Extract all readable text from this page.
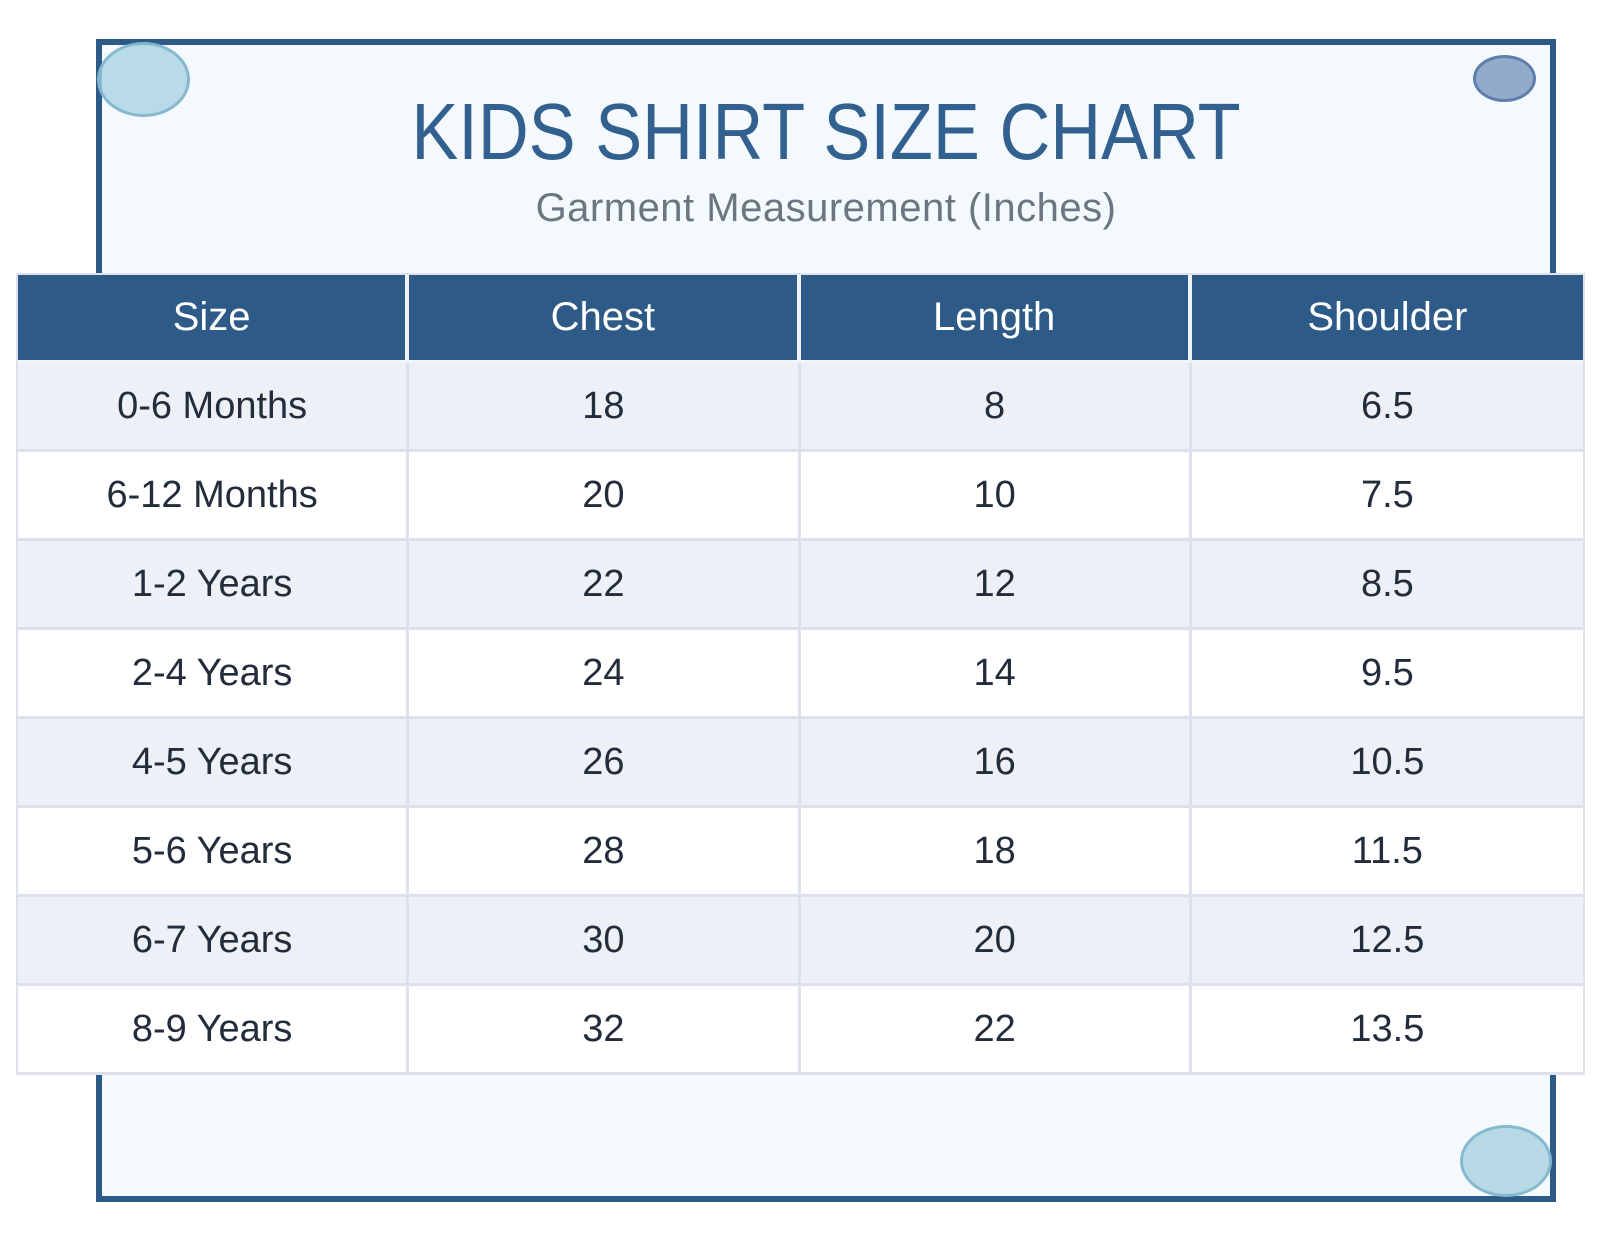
KIDS SHIRT SIZE CHART

Garment Measurement (Inches)

Size	Chest	Length	Shoulder
0-6 Months	18	8	6.5
6-12 Months	20	10	7.5
1-2 Years	22	12	8.5
2-4 Years	24	14	9.5
4-5 Years	26	16	10.5
5-6 Years	28	18	11.5
6-7 Years	30	20	12.5
8-9 Years	32	22	13.5
